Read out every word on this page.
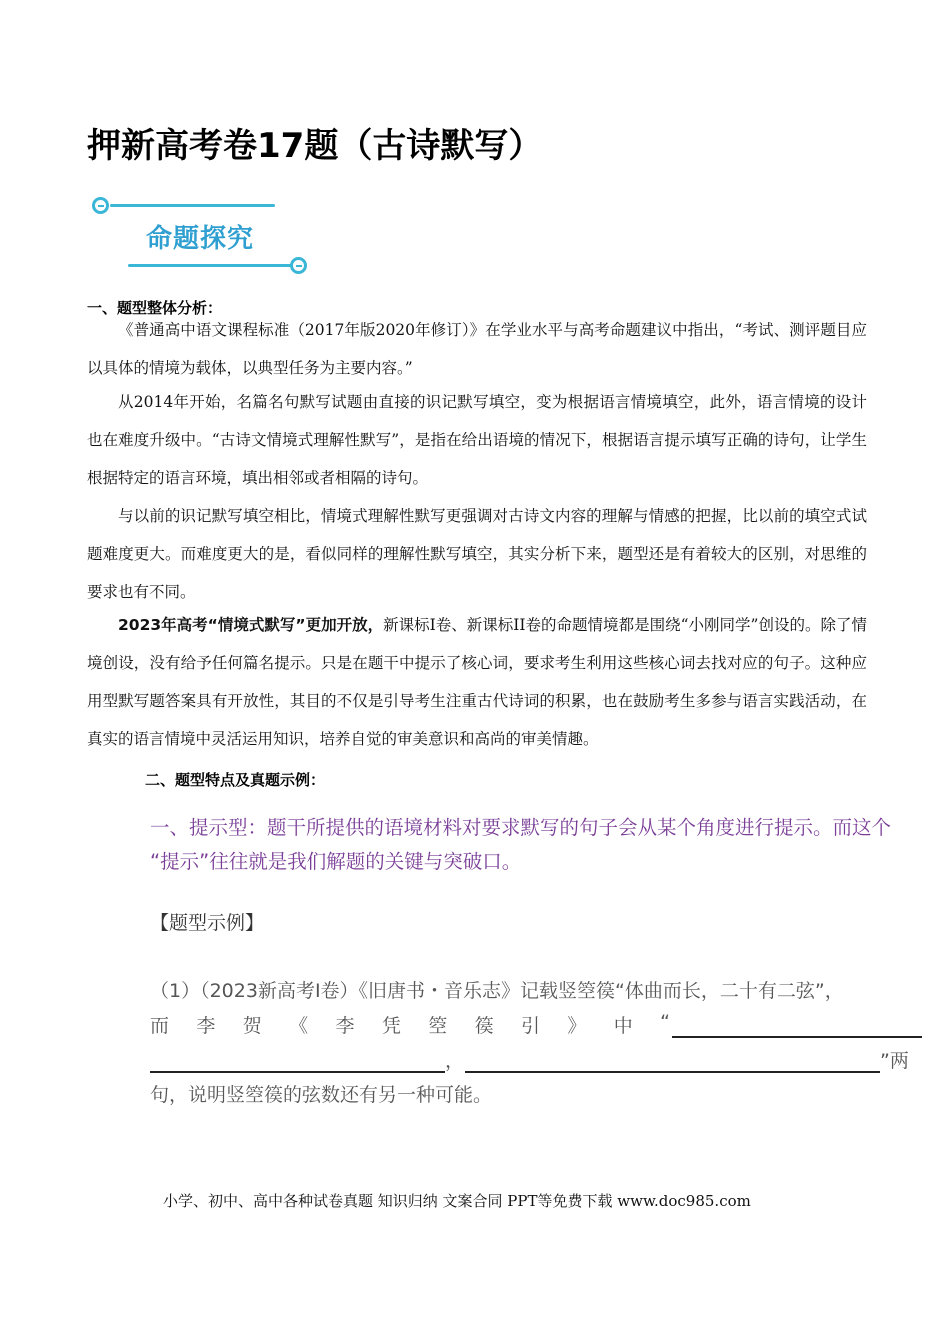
押新高考卷17题（古诗默写）
命题探究
一、题型整体分析：

《普通高中语文课程标准（2017年版2020年修订）》在学业水平与高考命题建议中指出，“考试、测评题目应以具体的情境为载体，以典型任务为主要内容。”

从2014年开始，名篇名句默写试题由直接的识记默写填空，变为根据语言情境填空，此外，语言情境的设计也在难度升级中。“古诗文情境式理解性默写”，是指在给出语境的情况下，根据语言提示填写正确的诗句，让学生根据特定的语言环境，填出相邻或者相隔的诗句。

与以前的识记默写填空相比，情境式理解性默写更强调对古诗文内容的理解与情感的把握，比以前的填空式试题难度更大。而难度更大的是，看似同样的理解性默写填空，其实分析下来，题型还是有着较大的区别，对思维的要求也有不同。

2023年高考“情境式默写”更加开放，新课标Ⅰ卷、新课标II卷的命题情境都是围绕“小刚同学”创设的。除了情境创设，没有给予任何篇名提示。只是在题干中提示了核心词，要求考生利用这些核心词去找对应的句子。这种应用型默写题答案具有开放性，其目的不仅是引导考生注重古代诗词的积累，也在鼓励考生多参与语言实践活动，在真实的语言情境中灵活运用知识，培养自觉的审美意识和高尚的审美情趣。

二、题型特点及真题示例：
一、提示型：题干所提供的语境材料对要求默写的句子会从某个角度进行提示。而这个
“提示”往往就是我们解题的关键与突破口。
【题型示例】
（1）（2023新高考Ⅰ卷）《旧唐书・音乐志》记载竖箜篌“体曲而长，二十有二弦”，
而 李 贺 《 李 凭 箜 篌 引 》 中 “
，	”两
句，说明竖箜篌的弦数还有另一种可能。
小学、初中、高中各种试卷真题 知识归纳 文案合同 PPT等免费下载 www.doc985.com
